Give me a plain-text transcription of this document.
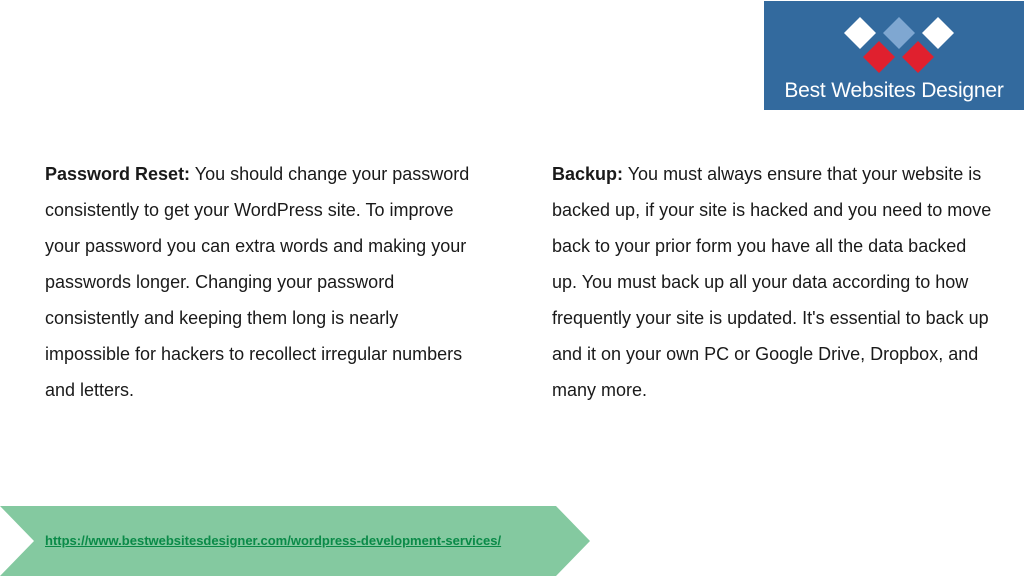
Best Websites Designer

Password Reset: You should change your password consistently to get your WordPress site. To improve your password you can extra words and making your passwords longer. Changing your password consistently and keeping them long is nearly impossible for hackers to recollect irregular numbers and letters.

Backup: You must always ensure that your website is backed up, if your site is hacked and you need to move back to your prior form you have all the data backed up. You must back up all your data according to how frequently your site is updated. It's essential to back up and it on your own PC or Google Drive, Dropbox, and many more.

https://www.bestwebsitesdesigner.com/wordpress-development-services/
